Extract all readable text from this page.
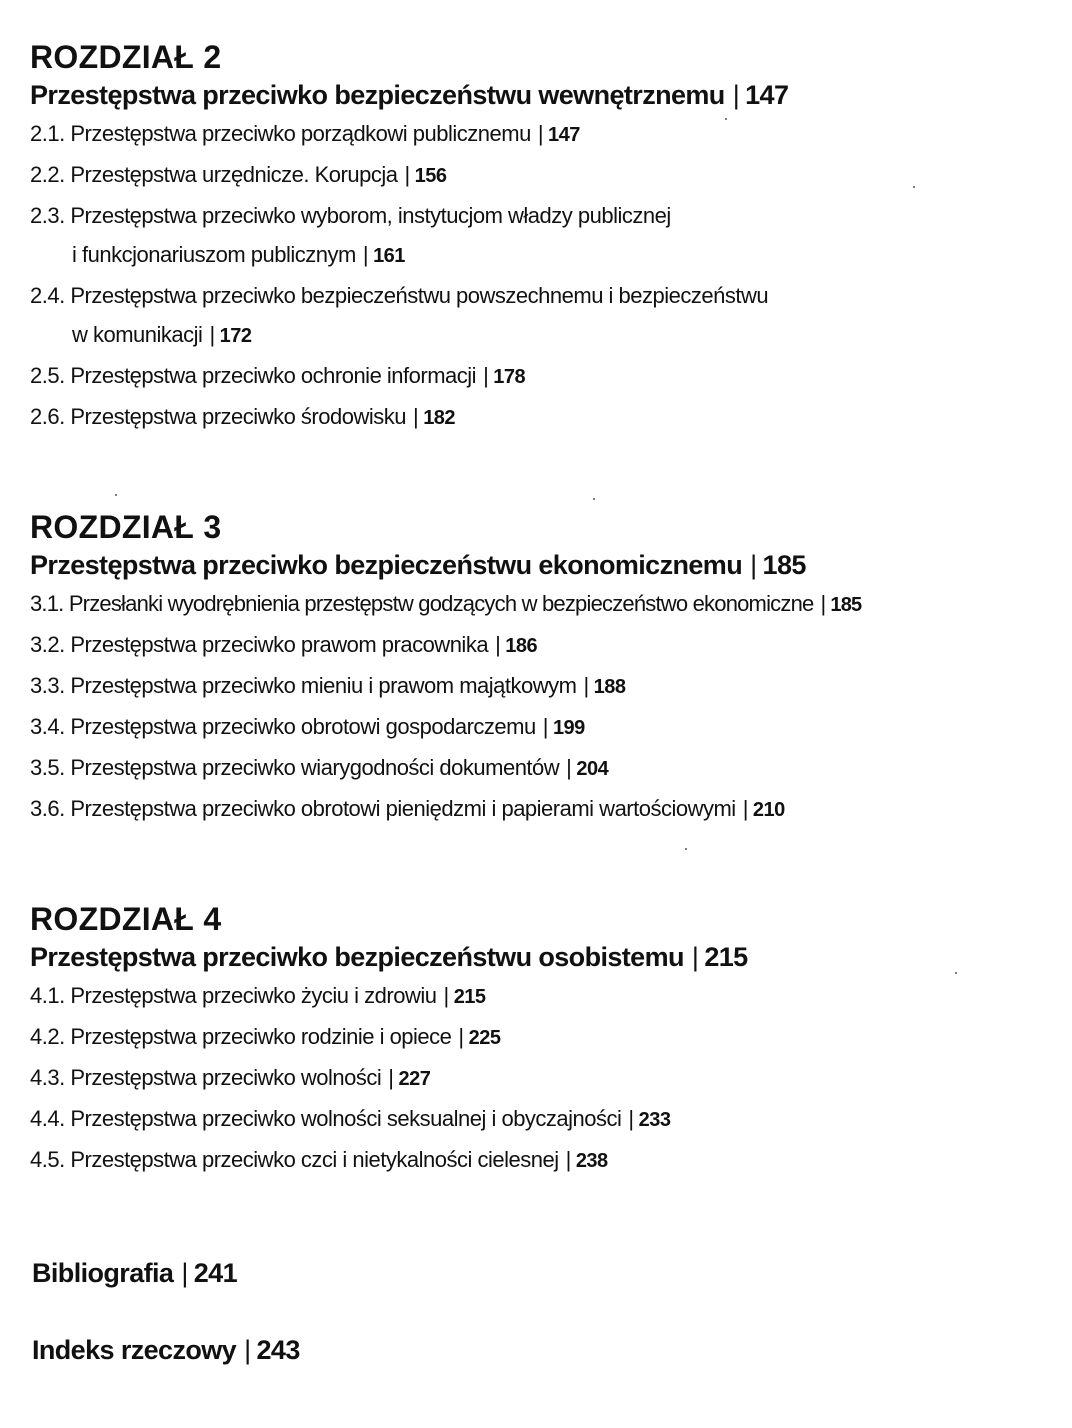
ROZDZIAŁ 2
Przestępstwa przeciwko bezpieczeństwu wewnętrznemu | 147
2.1. Przestępstwa przeciwko porządkowi publicznemu | 147
2.2. Przestępstwa urzędnicze. Korupcja | 156
2.3. Przestępstwa przeciwko wyborom, instytucjom władzy publicznej
i funkcjonariuszom publicznym | 161
2.4. Przestępstwa przeciwko bezpieczeństwu powszechnemu i bezpieczeństwu
w komunikacji | 172
2.5. Przestępstwa przeciwko ochronie informacji | 178
2.6. Przestępstwa przeciwko środowisku | 182
ROZDZIAŁ 3
Przestępstwa przeciwko bezpieczeństwu ekonomicznemu | 185
3.1. Przesłanki wyodrębnienia przestępstw godzących w bezpieczeństwo ekonomiczne | 185
3.2. Przestępstwa przeciwko prawom pracownika | 186
3.3. Przestępstwa przeciwko mieniu i prawom majątkowym | 188
3.4. Przestępstwa przeciwko obrotowi gospodarczemu | 199
3.5. Przestępstwa przeciwko wiarygodności dokumentów | 204
3.6. Przestępstwa przeciwko obrotowi pieniędzmi i papierami wartościowymi | 210
ROZDZIAŁ 4
Przestępstwa przeciwko bezpieczeństwu osobistemu | 215
4.1. Przestępstwa przeciwko życiu i zdrowiu | 215
4.2. Przestępstwa przeciwko rodzinie i opiece | 225
4.3. Przestępstwa przeciwko wolności | 227
4.4. Przestępstwa przeciwko wolności seksualnej i obyczajności | 233
4.5. Przestępstwa przeciwko czci i nietykalności cielesnej | 238
Bibliografia | 241
Indeks rzeczowy | 243
